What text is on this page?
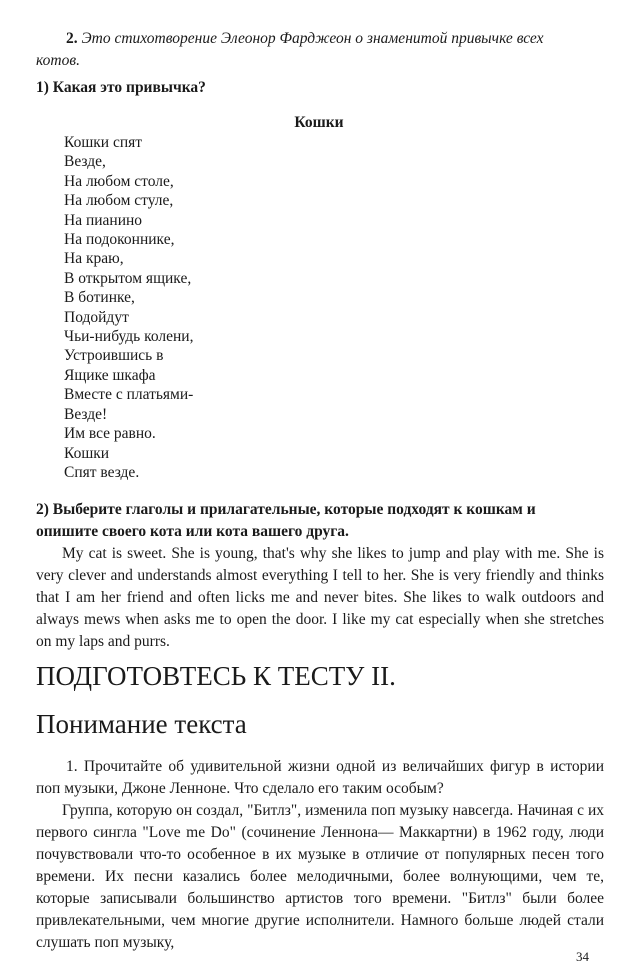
2. Это стихотворение Элеонор Фарджеон о знаменитой привычке всех
котов.
1) Какая это привычка?
Кошки
Кошки спят
Везде,
На любом столе,
На любом стуле,
На пианино
На подоконнике,
На краю,
В открытом ящике,
В ботинке,
Подойдут
Чьи-нибудь колени,
Устроившись в
Ящике шкафа
Вместе с платьями-
Везде!
Им все равно.
Кошки
Спят везде.
2) Выберите глаголы и прилагательные, которые подходят к кошкам и
опишите своего кота или кота вашего друга.
My cat is sweet. She is young, that's why she likes to jump and play with me. She is very clever and understands almost everything I tell to her. She is very friendly and thinks that I am her friend and often licks me and never bites. She likes to walk outdoors and always mews when asks me to open the door. I like my cat especially when she stretches on my laps and purrs.
ПОДГОТОВТЕСЬ К ТЕСТУ II.
Понимание текста
1. Прочитайте об удивительной жизни одной из величайших фигур в истории поп музыки, Джоне Ленноне. Что сделало его таким особым?
Группа, которую он создал, "Битлз", изменила поп музыку навсегда. Начиная с их первого сингла "Love me Do" (сочинение Леннона— Маккартни) в 1962 году, люди почувствовали что-то особенное в их музыке в отличие от популярных песен того времени. Их песни казались более мелодичными, более волнующими, чем те, которые записывали большинство артистов того времени. "Битлз" были более привлекательными, чем многие другие исполнители. Намного больше людей стали слушать поп музыку,
34
